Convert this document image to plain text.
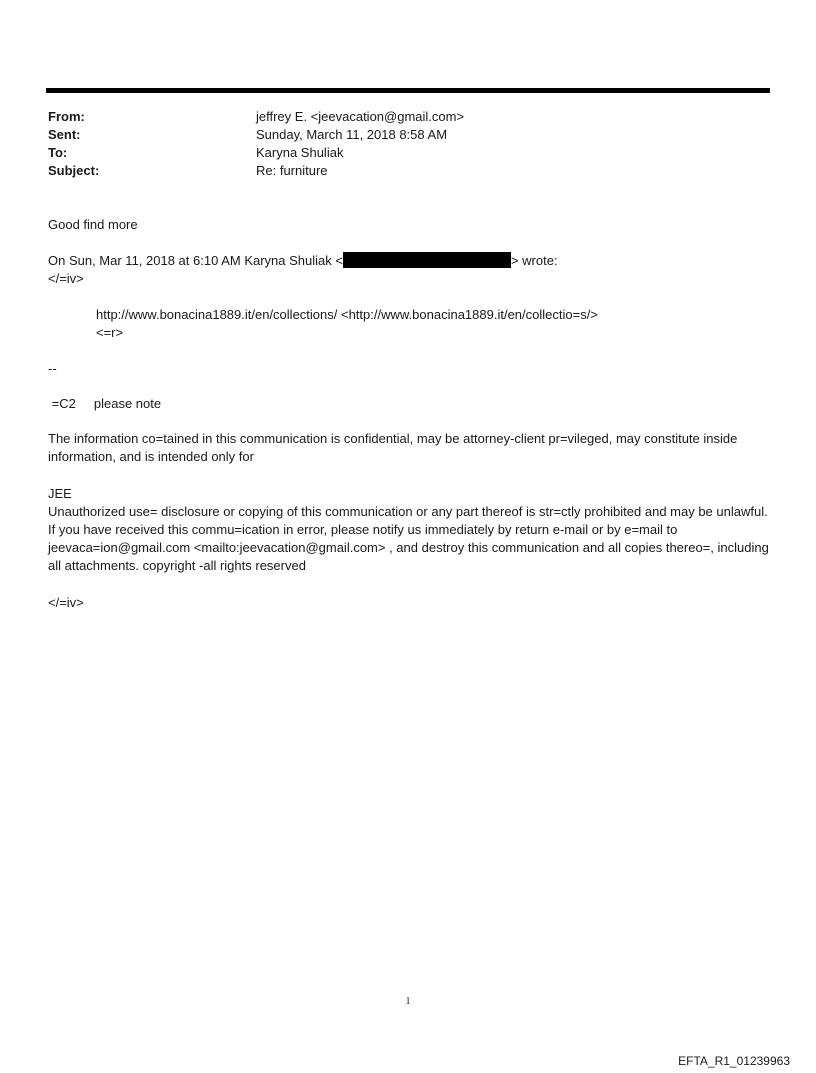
From:	jeffrey E. <jeevacation@gmail.com>
Sent:	Sunday, March 11, 2018 8:58 AM
To:	Karyna Shuliak
Subject:	Re: furniture
Good find more
On Sun, Mar 11, 2018 at 6:10 AM Karyna Shuliak <	> wrote:
</=iv>
http://www.bonacina1889.it/en/collections/ <http://www.bonacina1889.it/en/collectio=s/>
<=r>
--
=C2     please note
The information co=tained in this communication is confidential, may be attorney-client pr=vileged, may constitute inside information, and is intended only for
JEE
Unauthorized use= disclosure or copying of this communication or any part thereof is str=ctly prohibited and may be unlawful. If you have received this commu=ication in error, please notify us immediately by return e-mail or by e=mail to jeevaca=ion@gmail.com <mailto:jeevacation@gmail.com> , and destroy this communication and all copies thereo=, including all attachments. copyright -all rights reserved
</=iv>
1
EFTA_R1_01239963
